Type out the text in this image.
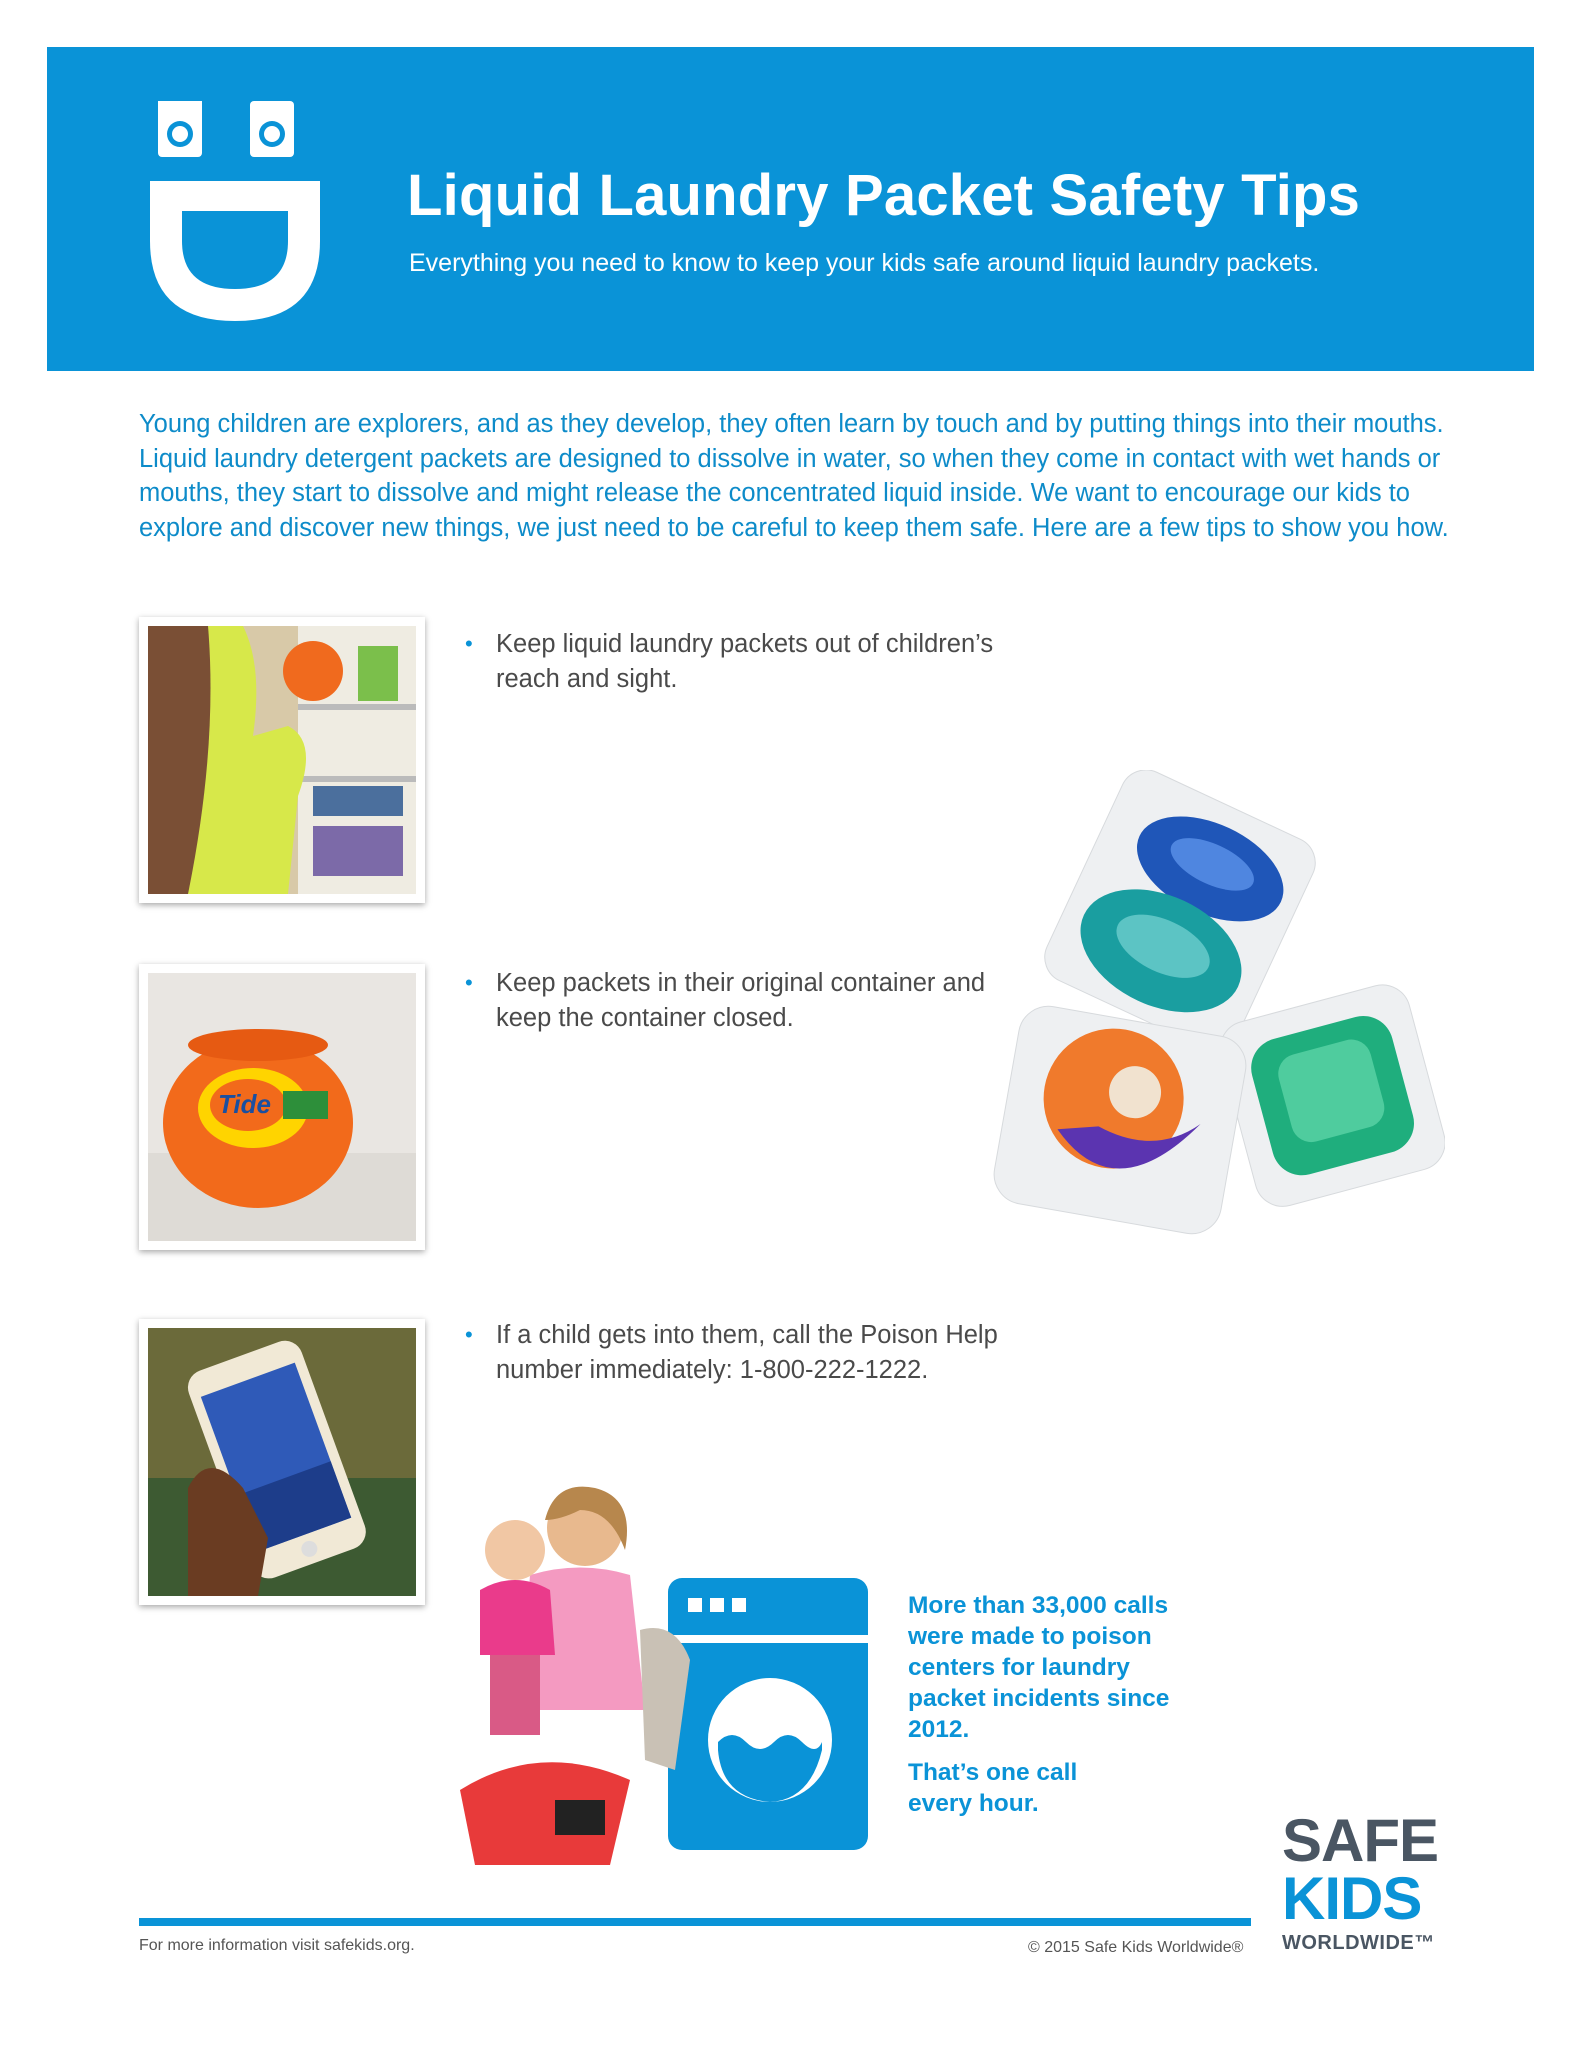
Liquid Laundry Packet Safety Tips
Everything you need to know to keep your kids safe around liquid laundry packets.

Young children are explorers, and as they develop, they often learn by touch and by putting things into their mouths. Liquid laundry detergent packets are designed to dissolve in water, so when they come in contact with wet hands or mouths, they start to dissolve and might release the concentrated liquid inside. We want to encourage our kids to explore and discover new things, we just need to be careful to keep them safe. Here are a few tips to show you how.

• Keep liquid laundry packets out of children’s reach and sight.
Tide
• Keep packets in their original container and keep the container closed.
• If a child gets into them, call the Poison Help number immediately: 1-800-222-1222.
More than 33,000 calls were made to poison centers for laundry packet incidents since 2012.
That’s one call every hour.
SAFE
KIDS
WORLDWIDE™
For more information visit safekids.org.	© 2015 Safe Kids Worldwide®
